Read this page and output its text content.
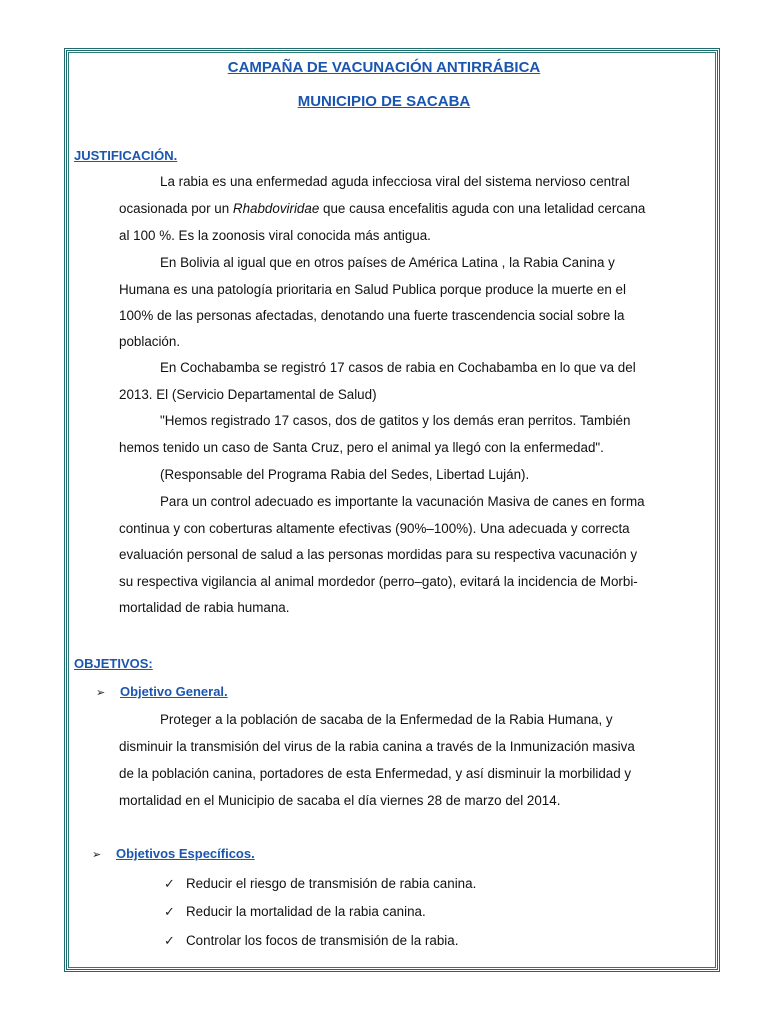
CAMPAÑA DE VACUNACIÓN ANTIRRÁBICA
MUNICIPIO DE SACABA
JUSTIFICACIÓN.
La rabia es una enfermedad aguda infecciosa viral del sistema nervioso central
ocasionada por un Rhabdoviridae que causa encefalitis aguda con una letalidad cercana
al 100 %. Es la zoonosis viral conocida más antigua.
En Bolivia al igual que en otros países de América Latina , la Rabia Canina y
Humana es una patología prioritaria en Salud Publica porque produce la muerte en el
100% de las personas afectadas, denotando una fuerte trascendencia social sobre la
población.
En Cochabamba se registró 17 casos de rabia en Cochabamba en lo que va del
2013. El (Servicio Departamental de Salud)
"Hemos registrado 17 casos, dos de gatitos y los demás eran perritos. También
hemos tenido un caso de Santa Cruz, pero el animal ya llegó con la enfermedad".
(Responsable del Programa Rabia del Sedes, Libertad Luján).
Para un control adecuado es importante la vacunación Masiva de canes en forma
continua y con coberturas altamente efectivas (90%–100%). Una adecuada y correcta
evaluación personal de salud a las personas mordidas para su respectiva vacunación y
su respectiva vigilancia al animal mordedor (perro–gato), evitará la incidencia de Morbi-
mortalidad de rabia humana.
OBJETIVOS:
➢ Objetivo General.
Proteger a la población de sacaba de la Enfermedad de la Rabia Humana, y
disminuir la transmisión del virus de la rabia canina a través de la Inmunización masiva
de la población canina, portadores de esta Enfermedad, y así disminuir la morbilidad y
mortalidad en el Municipio de sacaba el día viernes 28 de marzo del 2014.
➢ Objetivos Específicos.
✓ Reducir el riesgo de transmisión de rabia canina.
✓ Reducir la mortalidad de la rabia canina.
✓ Controlar los focos de transmisión de la rabia.
